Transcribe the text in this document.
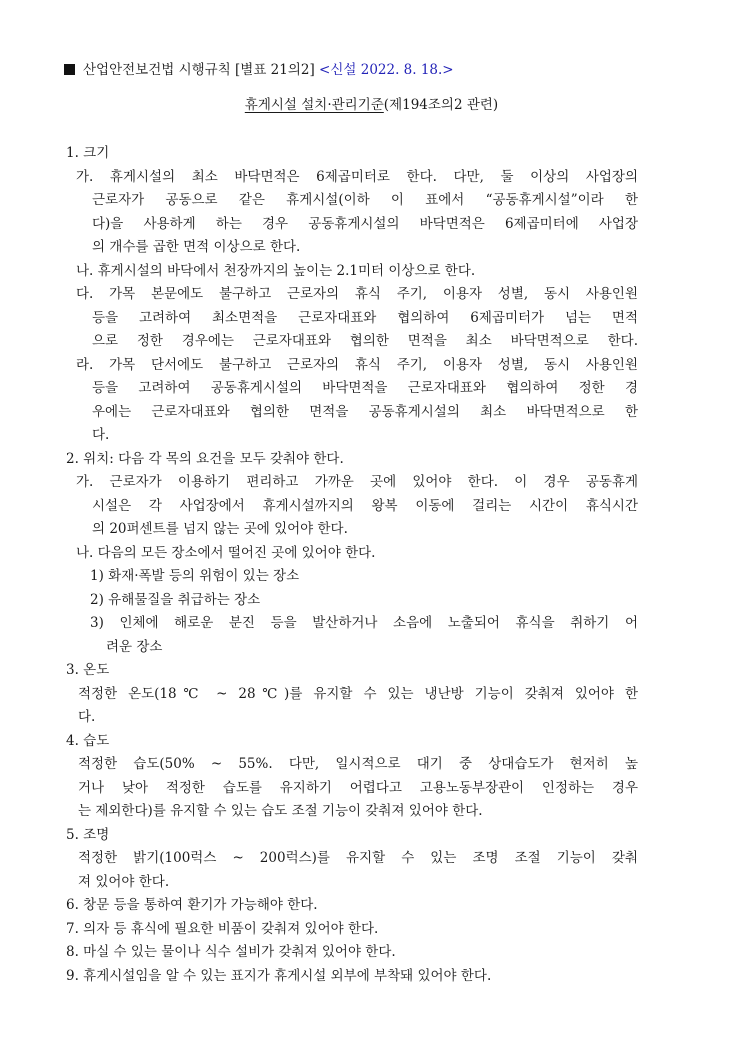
산업안전보건법 시행규칙 [별표 21의2] <신설 2022. 8. 18.>
휴게시설 설치·관리기준(제194조의2 관련)
1. 크기
가. 휴게시설의 최소 바닥면적은 6제곱미터로 한다. 다만, 둘 이상의 사업장의
근로자가 공동으로 같은 휴게시설(이하 이 표에서 “공동휴게시설”이라 한
다)을 사용하게 하는 경우 공동휴게시설의 바닥면적은 6제곱미터에 사업장
의 개수를 곱한 면적 이상으로 한다.
나. 휴게시설의 바닥에서 천장까지의 높이는 2.1미터 이상으로 한다.
다. 가목 본문에도 불구하고 근로자의 휴식 주기, 이용자 성별, 동시 사용인원
등을 고려하여 최소면적을 근로자대표와 협의하여 6제곱미터가 넘는 면적
으로 정한 경우에는 근로자대표와 협의한 면적을 최소 바닥면적으로 한다.
라. 가목 단서에도 불구하고 근로자의 휴식 주기, 이용자 성별, 동시 사용인원
등을 고려하여 공동휴게시설의 바닥면적을 근로자대표와 협의하여 정한 경
우에는 근로자대표와 협의한 면적을 공동휴게시설의 최소 바닥면적으로 한
다.
2. 위치: 다음 각 목의 요건을 모두 갖춰야 한다.
가. 근로자가 이용하기 편리하고 가까운 곳에 있어야 한다. 이 경우 공동휴게
시설은 각 사업장에서 휴게시설까지의 왕복 이동에 걸리는 시간이 휴식시간
의 20퍼센트를 넘지 않는 곳에 있어야 한다.
나. 다음의 모든 장소에서 떨어진 곳에 있어야 한다.
1) 화재·폭발 등의 위험이 있는 장소
2) 유해물질을 취급하는 장소
3) 인체에 해로운 분진 등을 발산하거나 소음에 노출되어 휴식을 취하기 어
려운 장소
3. 온도
적정한 온도(18℃ ~ 28℃)를 유지할 수 있는 냉난방 기능이 갖춰져 있어야 한
다.
4. 습도
적정한 습도(50% ~ 55%. 다만, 일시적으로 대기 중 상대습도가 현저히 높
거나 낮아 적정한 습도를 유지하기 어렵다고 고용노동부장관이 인정하는 경우
는 제외한다)를 유지할 수 있는 습도 조절 기능이 갖춰져 있어야 한다.
5. 조명
적정한 밝기(100럭스 ~ 200럭스)를 유지할 수 있는 조명 조절 기능이 갖춰
져 있어야 한다.
6. 창문 등을 통하여 환기가 가능해야 한다.
7. 의자 등 휴식에 필요한 비품이 갖춰져 있어야 한다.
8. 마실 수 있는 물이나 식수 설비가 갖춰져 있어야 한다.
9. 휴게시설임을 알 수 있는 표지가 휴게시설 외부에 부착돼 있어야 한다.
